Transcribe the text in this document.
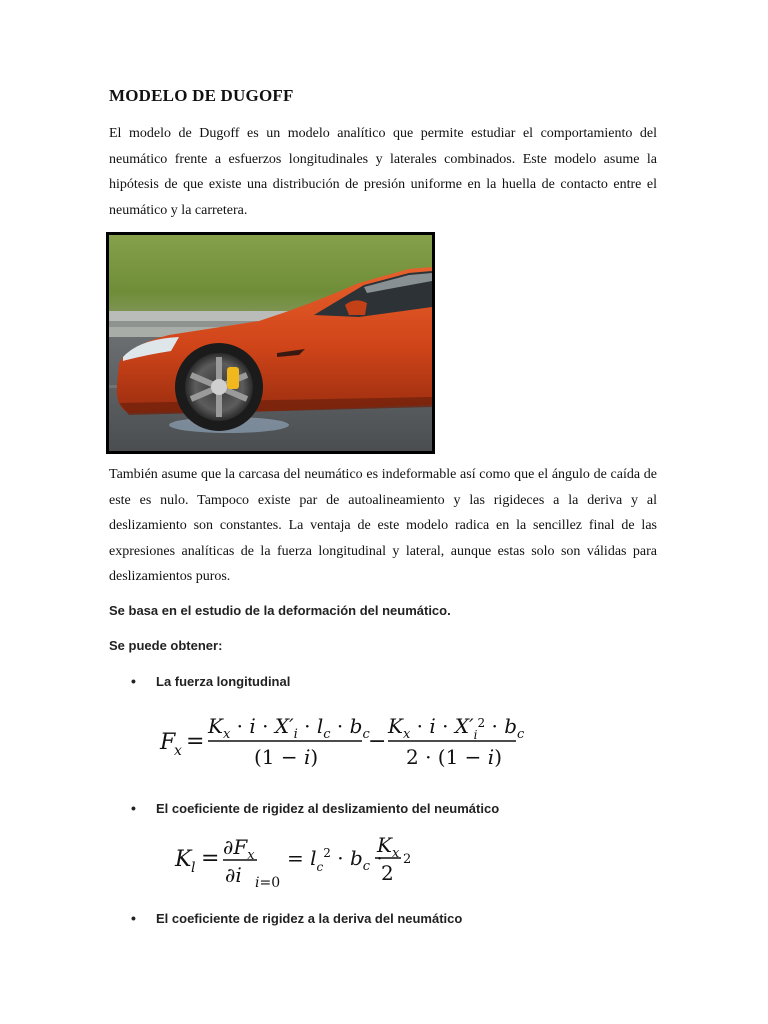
MODELO DE DUGOFF

El modelo de Dugoff es un modelo analítico que permite estudiar el comportamiento del neumático frente a esfuerzos longitudinales y laterales combinados. Este modelo asume la hipótesis de que existe una distribución de presión uniforme en la huella de contacto entre el neumático y la carretera.

También asume que la carcasa del neumático es indeformable así como que el ángulo de caída de este es nulo. Tampoco existe par de autoalineamiento y las rigideces a la deriva y al deslizamiento son constantes. La ventaja de este modelo radica en la sencillez final de las expresiones analíticas de la fuerza longitudinal y lateral, aunque estas solo son válidas para deslizamientos puros.

Se basa en el estudio de la deformación del neumático.
Se puede obtener:
• La fuerza longitudinal
F
x =
$K_x \cdot i \cdot X'_i \cdot l_c \cdot b_c$
(1 − i)
−
$K_x \cdot i \cdot X'_i^2 \cdot b_c$
2 · (1 − i)
• El coeficiente de rigidez al deslizamiento del neumático
K $l = \partial F_x$
∂i i=0
= $l_c^2 \cdot b_c$ ·
$K_x$
2
2
• El coeficiente de rigidez a la deriva del neumático
